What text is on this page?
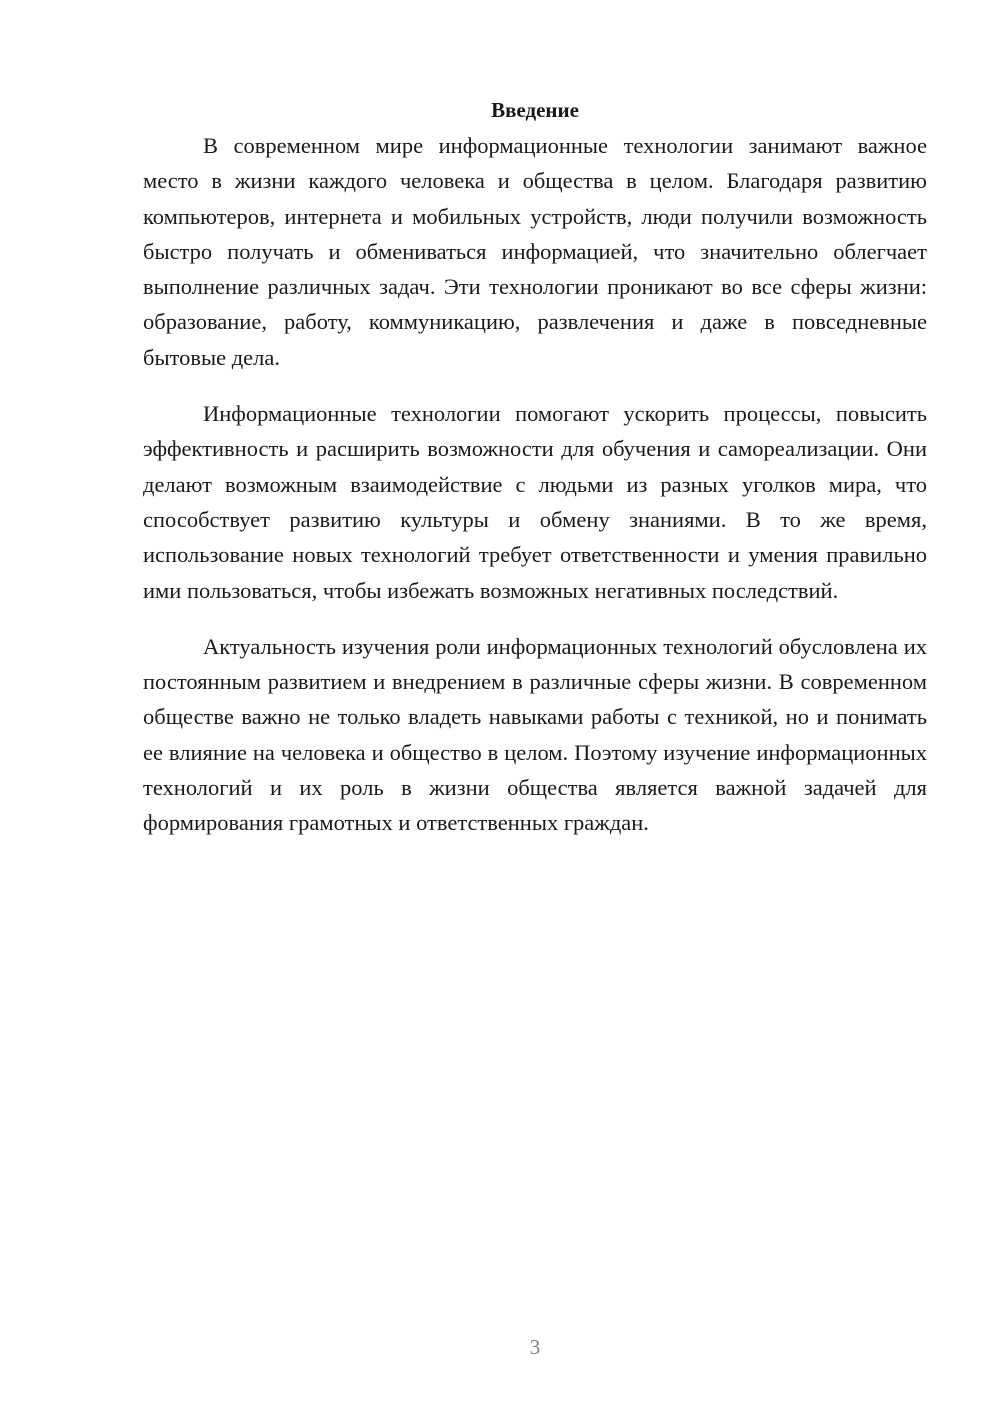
Введение

В современном мире информационные технологии занимают важное место в жизни каждого человека и общества в целом. Благодаря развитию компьютеров, интернета и мобильных устройств, люди получили возможность быстро получать и обмениваться информацией, что значительно облегчает выполнение различных задач. Эти технологии проникают во все сферы жизни: образование, работу, коммуникацию, развлечения и даже в повседневные бытовые дела.

Информационные технологии помогают ускорить процессы, повысить эффективность и расширить возможности для обучения и самореализации. Они делают возможным взаимодействие с людьми из разных уголков мира, что способствует развитию культуры и обмену знаниями. В то же время, использование новых технологий требует ответственности и умения правильно ими пользоваться, чтобы избежать возможных негативных последствий.

Актуальность изучения роли информационных технологий обусловлена их постоянным развитием и внедрением в различные сферы жизни. В современном обществе важно не только владеть навыками работы с техникой, но и понимать ее влияние на человека и общество в целом. Поэтому изучение информационных технологий и их роль в жизни общества является важной задачей для формирования грамотных и ответственных граждан.

3
